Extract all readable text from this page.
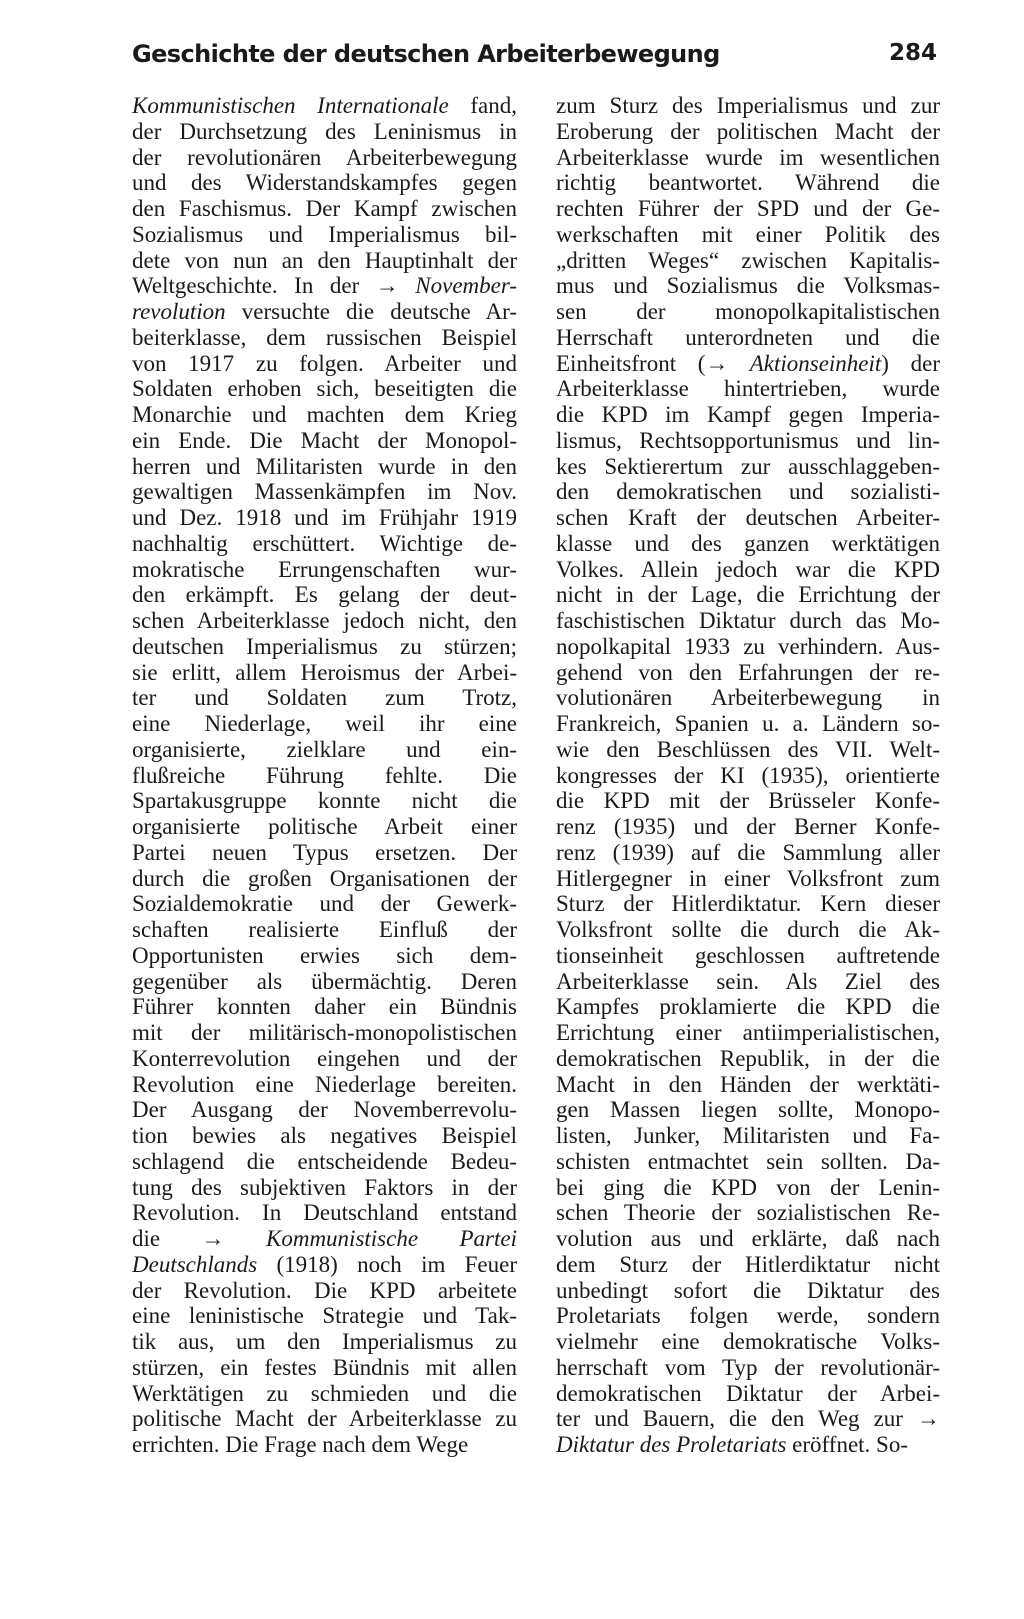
Geschichte der deutschen Arbeiterbewegung	284
Kommunistischen Internationale fand,
der Durchsetzung des Leninismus in
der revolutionären Arbeiterbewegung
und des Widerstandskampfes gegen
den Faschismus. Der Kampf zwischen
Sozialismus und Imperialismus bil-
dete von nun an den Hauptinhalt der
Weltgeschichte. In der → November-
revolution versuchte die deutsche Ar-
beiterklasse, dem russischen Beispiel
von 1917 zu folgen. Arbeiter und
Soldaten erhoben sich, beseitigten die
Monarchie und machten dem Krieg
ein Ende. Die Macht der Monopol-
herren und Militaristen wurde in den
gewaltigen Massenkämpfen im Nov.
und Dez. 1918 und im Frühjahr 1919
nachhaltig erschüttert. Wichtige de-
mokratische Errungenschaften wur-
den erkämpft. Es gelang der deut-
schen Arbeiterklasse jedoch nicht, den
deutschen Imperialismus zu stürzen;
sie erlitt, allem Heroismus der Arbei-
ter und Soldaten zum Trotz,
eine Niederlage, weil ihr eine
organisierte, zielklare und ein-
flußreiche Führung fehlte. Die
Spartakusgruppe konnte nicht die
organisierte politische Arbeit einer
Partei neuen Typus ersetzen. Der
durch die großen Organisationen der
Sozialdemokratie und der Gewerk-
schaften realisierte Einfluß der
Opportunisten erwies sich dem-
gegenüber als übermächtig. Deren
Führer konnten daher ein Bündnis
mit der militärisch-monopolistischen
Konterrevolution eingehen und der
Revolution eine Niederlage bereiten.
Der Ausgang der Novemberrevolu-
tion bewies als negatives Beispiel
schlagend die entscheidende Bedeu-
tung des subjektiven Faktors in der
Revolution. In Deutschland entstand
die → Kommunistische Partei
Deutschlands (1918) noch im Feuer
der Revolution. Die KPD arbeitete
eine leninistische Strategie und Tak-
tik aus, um den Imperialismus zu
stürzen, ein festes Bündnis mit allen
Werktätigen zu schmieden und die
politische Macht der Arbeiterklasse zu
errichten. Die Frage nach dem Wege
zum Sturz des Imperialismus und zur
Eroberung der politischen Macht der
Arbeiterklasse wurde im wesentlichen
richtig beantwortet. Während die
rechten Führer der SPD und der Ge-
werkschaften mit einer Politik des
„dritten Weges“ zwischen Kapitalis-
mus und Sozialismus die Volksmas-
sen der monopolkapitalistischen
Herrschaft unterordneten und die
Einheitsfront (→ Aktionseinheit) der
Arbeiterklasse hintertrieben, wurde
die KPD im Kampf gegen Imperia-
lismus, Rechtsopportunismus und lin-
kes Sektierertum zur ausschlaggeben-
den demokratischen und sozialisti-
schen Kraft der deutschen Arbeiter-
klasse und des ganzen werktätigen
Volkes. Allein jedoch war die KPD
nicht in der Lage, die Errichtung der
faschistischen Diktatur durch das Mo-
nopolkapital 1933 zu verhindern. Aus-
gehend von den Erfahrungen der re-
volutionären Arbeiterbewegung in
Frankreich, Spanien u. a. Ländern so-
wie den Beschlüssen des VII. Welt-
kongresses der KI (1935), orientierte
die KPD mit der Brüsseler Konfe-
renz (1935) und der Berner Konfe-
renz (1939) auf die Sammlung aller
Hitlergegner in einer Volksfront zum
Sturz der Hitlerdiktatur. Kern dieser
Volksfront sollte die durch die Ak-
tionseinheit geschlossen auftretende
Arbeiterklasse sein. Als Ziel des
Kampfes proklamierte die KPD die
Errichtung einer antiimperialistischen,
demokratischen Republik, in der die
Macht in den Händen der werktäti-
gen Massen liegen sollte, Monopo-
listen, Junker, Militaristen und Fa-
schisten entmachtet sein sollten. Da-
bei ging die KPD von der Lenin-
schen Theorie der sozialistischen Re-
volution aus und erklärte, daß nach
dem Sturz der Hitlerdiktatur nicht
unbedingt sofort die Diktatur des
Proletariats folgen werde, sondern
vielmehr eine demokratische Volks-
herrschaft vom Typ der revolutionär-
demokratischen Diktatur der Arbei-
ter und Bauern, die den Weg zur →
Diktatur des Proletariats eröffnet. So-
